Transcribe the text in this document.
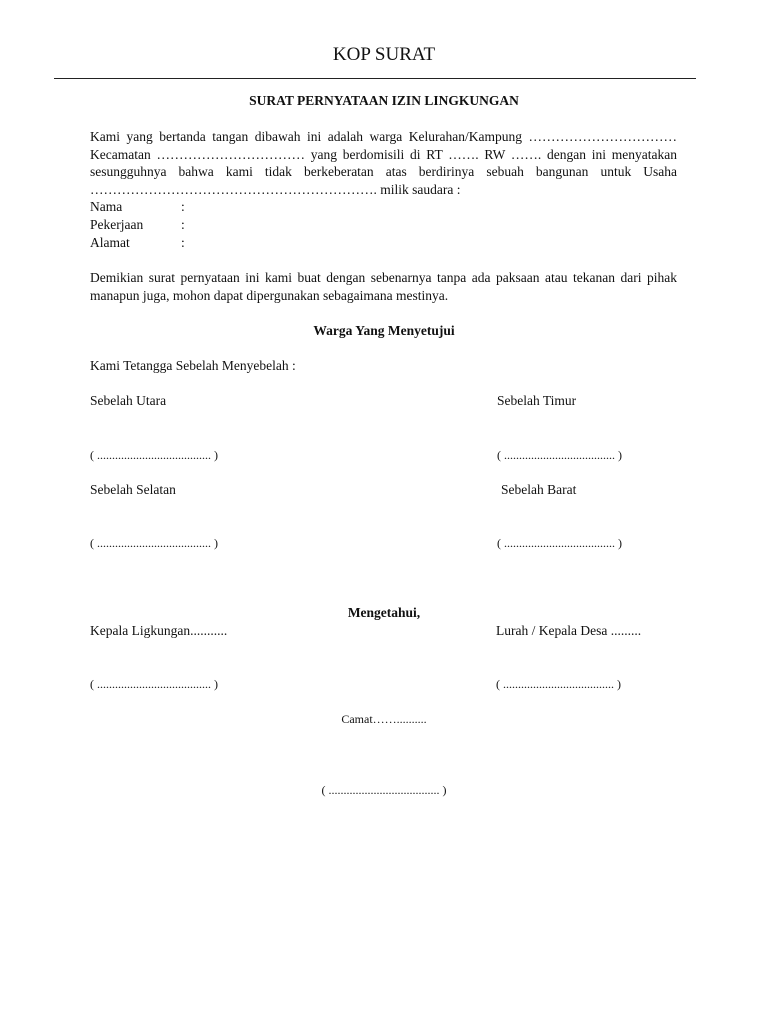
KOP SURAT
SURAT PERNYATAAN IZIN LINGKUNGAN
Kami yang bertanda tangan dibawah ini adalah warga Kelurahan/Kampung ……………………………
Kecamatan …………………………… yang berdomisili di RT ……. RW ……. dengan ini menyatakan
sesungguhnya bahwa kami tidak berkeberatan atas berdirinya sebuah bangunan untuk Usaha
………………………………………………………. milik saudara :
Nama	:
Pekerjaan	:
Alamat	:
Demikian surat pernyataan ini kami buat dengan sebenarnya tanpa ada paksaan atau tekanan dari pihak
manapun juga, mohon dapat dipergunakan sebagaimana mestinya.
Warga Yang Menyetujui
Kami Tetangga Sebelah Menyebelah :
Sebelah Utara	Sebelah Timur
( ...................................... )	( ..................................... )
Sebelah Selatan	Sebelah Barat
( ...................................... )	( ..................................... )
Mengetahui,
Kepala Ligkungan...........	Lurah / Kepala Desa .........
( ...................................... )	( ..................................... )
Camat……..........
( ..................................... )
